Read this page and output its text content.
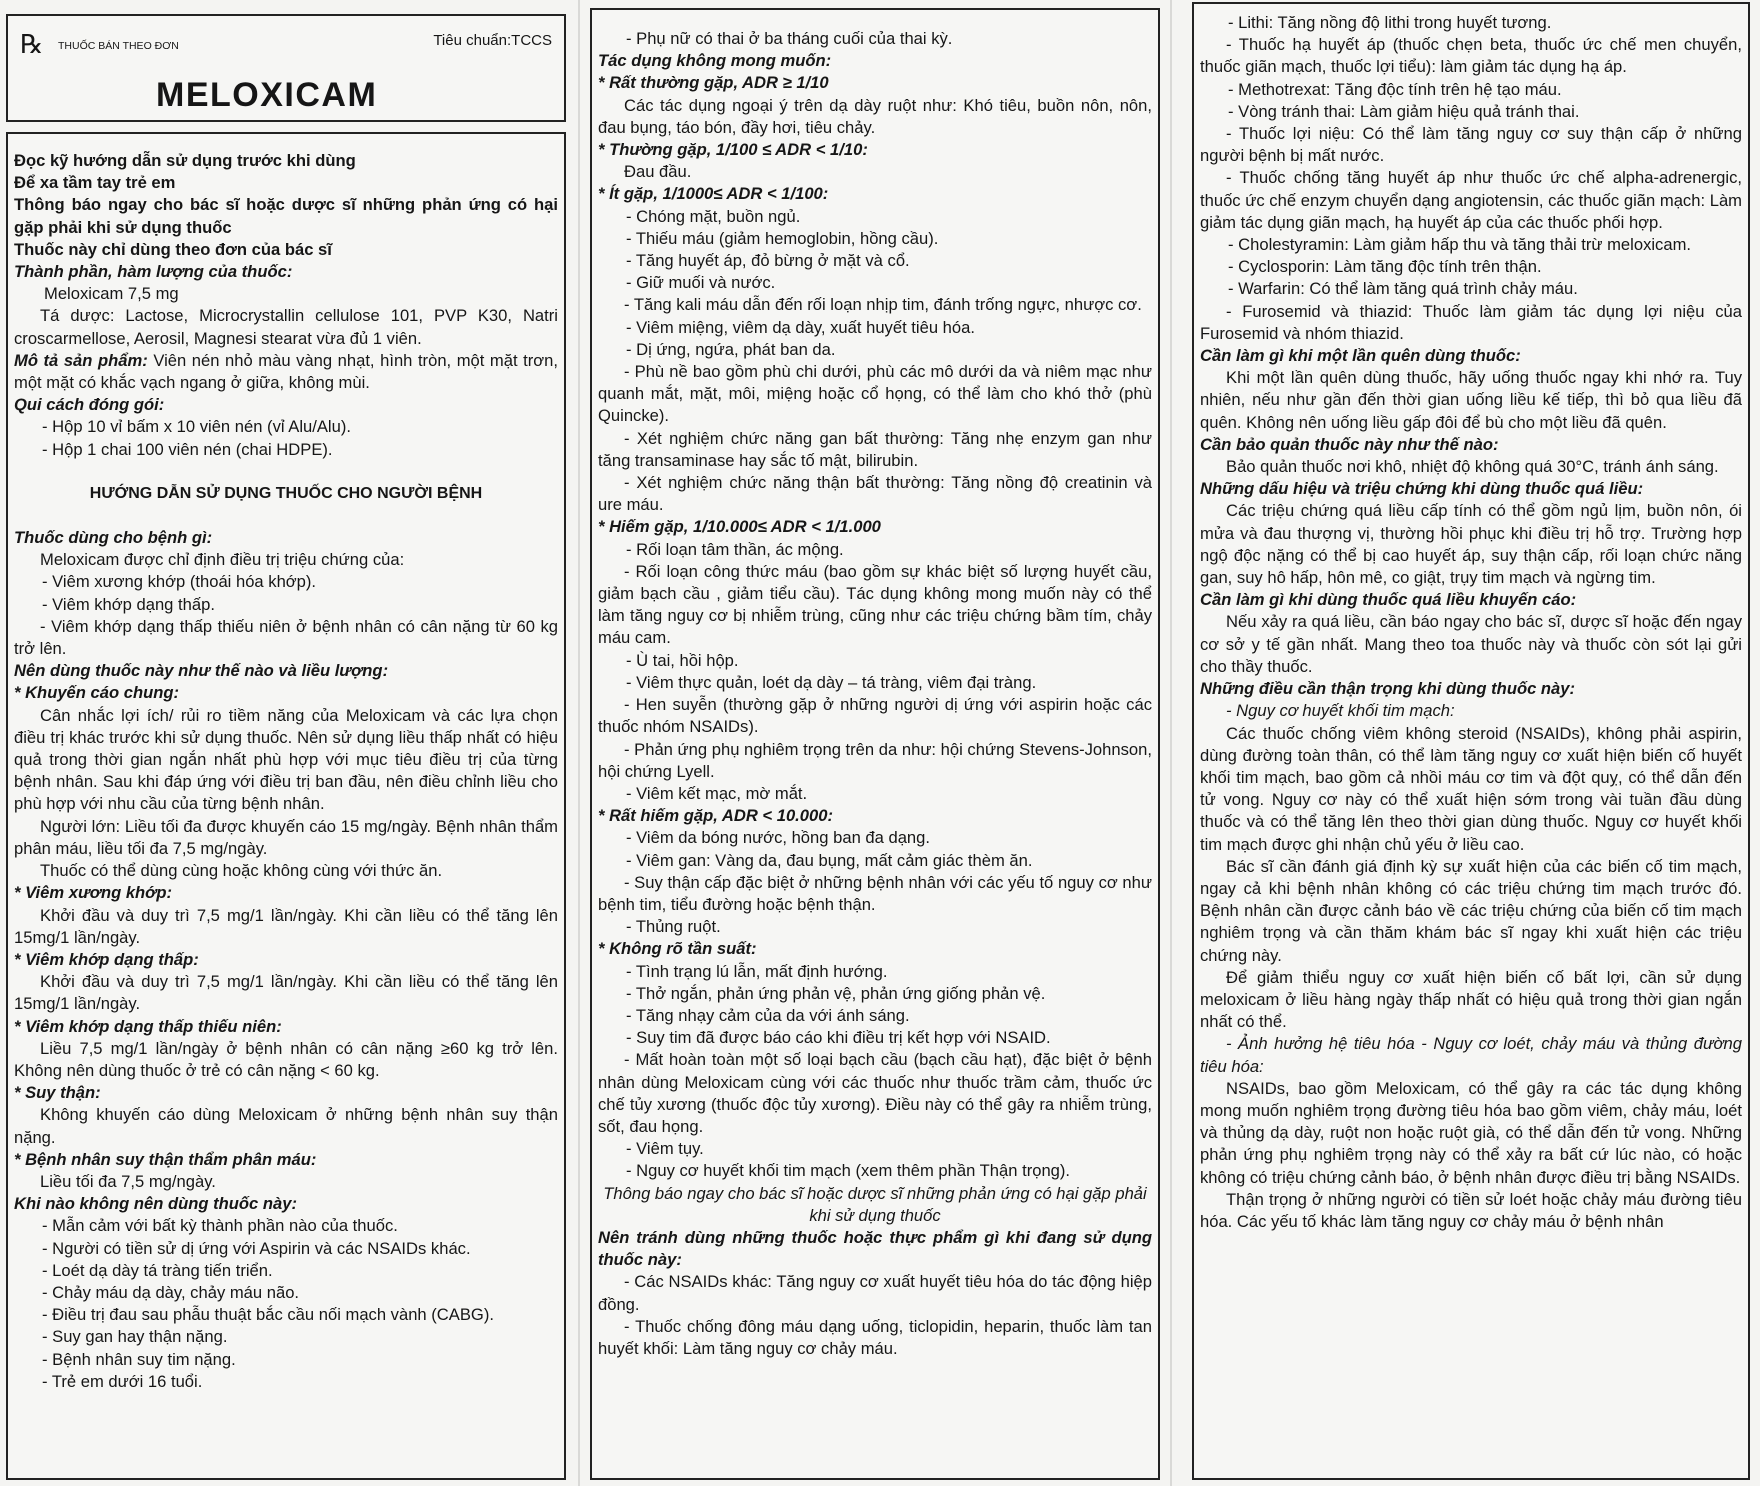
℞ THUỐC BÁN THEO ĐƠN	Tiêu chuẩn:TCCS
MELOXICAM

Đọc kỹ hướng dẫn sử dụng trước khi dùng

Để xa tầm tay trẻ em

Thông báo ngay cho bác sĩ hoặc dược sĩ những phản ứng có hại gặp phải khi sử dụng thuốc

Thuốc này chỉ dùng theo đơn của bác sĩ

Thành phần, hàm lượng của thuốc:

Meloxicam 7,5 mg

Tá dược: Lactose, Microcrystallin cellulose 101, PVP K30, Natri croscarmellose, Aerosil, Magnesi stearat vừa đủ 1 viên.

Mô tả sản phẩm: Viên nén nhỏ màu vàng nhạt, hình tròn, một mặt trơn, một mặt có khắc vạch ngang ở giữa, không mùi.

Qui cách đóng gói:

- Hộp 10 vỉ bấm x 10 viên nén (vỉ Alu/Alu).

- Hộp 1 chai 100 viên nén (chai HDPE).

HƯỚNG DẪN SỬ DỤNG THUỐC CHO NGƯỜI BỆNH

Thuốc dùng cho bệnh gì:

Meloxicam được chỉ định điều trị triệu chứng của:

- Viêm xương khớp (thoái hóa khớp).

- Viêm khớp dạng thấp.

- Viêm khớp dạng thấp thiếu niên ở bệnh nhân có cân nặng từ 60 kg trở lên.

Nên dùng thuốc này như thế nào và liều lượng:

* Khuyến cáo chung:

Cân nhắc lợi ích/ rủi ro tiềm năng của Meloxicam và các lựa chọn điều trị khác trước khi sử dụng thuốc. Nên sử dụng liều thấp nhất có hiệu quả trong thời gian ngắn nhất phù hợp với mục tiêu điều trị của từng bệnh nhân. Sau khi đáp ứng với điều trị ban đầu, nên điều chỉnh liều cho phù hợp với nhu cầu của từng bệnh nhân.

Người lớn: Liều tối đa được khuyến cáo 15 mg/ngày. Bệnh nhân thẩm phân máu, liều tối đa 7,5 mg/ngày.

Thuốc có thể dùng cùng hoặc không cùng với thức ăn.

* Viêm xương khớp:

Khởi đầu và duy trì 7,5 mg/1 lần/ngày. Khi cần liều có thể tăng lên 15mg/1 lần/ngày.

* Viêm khớp dạng thấp:

Khởi đầu và duy trì 7,5 mg/1 lần/ngày. Khi cần liều có thể tăng lên 15mg/1 lần/ngày.

* Viêm khớp dạng thấp thiếu niên:

Liều 7,5 mg/1 lần/ngày ở bệnh nhân có cân nặng ≥60 kg trở lên. Không nên dùng thuốc ở trẻ có cân nặng < 60 kg.

* Suy thận:

Không khuyến cáo dùng Meloxicam ở những bệnh nhân suy thận nặng.

* Bệnh nhân suy thận thẩm phân máu:

Liều tối đa 7,5 mg/ngày.

Khi nào không nên dùng thuốc này:

- Mẫn cảm với bất kỳ thành phần nào của thuốc.

- Người có tiền sử dị ứng với Aspirin và các NSAIDs khác.

- Loét dạ dày tá tràng tiến triển.

- Chảy máu dạ dày, chảy máu não.

- Điều trị đau sau phẫu thuật bắc cầu nối mạch vành (CABG).

- Suy gan hay thận nặng.

- Bệnh nhân suy tim nặng.

- Trẻ em dưới 16 tuổi.

- Phụ nữ có thai ở ba tháng cuối của thai kỳ.

Tác dụng không mong muốn:

* Rất thường gặp, ADR ≥ 1/10

Các tác dụng ngoại ý trên dạ dày ruột như: Khó tiêu, buồn nôn, nôn, đau bụng, táo bón, đầy hơi, tiêu chảy.

* Thường gặp, 1/100 ≤ ADR < 1/10:

Đau đầu.

* Ít gặp, 1/1000≤ ADR < 1/100:

- Chóng mặt, buồn ngủ.

- Thiếu máu (giảm hemoglobin, hồng cầu).

- Tăng huyết áp, đỏ bừng ở mặt và cổ.

- Giữ muối và nước.

- Tăng kali máu dẫn đến rối loạn nhịp tim, đánh trống ngực, nhược cơ.

- Viêm miệng, viêm dạ dày, xuất huyết tiêu hóa.

- Dị ứng, ngứa, phát ban da.

- Phù nề bao gồm phù chi dưới, phù các mô dưới da và niêm mạc như quanh mắt, mặt, môi, miệng hoặc cổ họng, có thể làm cho khó thở (phù Quincke).

- Xét nghiệm chức năng gan bất thường: Tăng nhẹ enzym gan như tăng transaminase hay sắc tố mật, bilirubin.

- Xét nghiệm chức năng thận bất thường: Tăng nồng độ creatinin và ure máu.

* Hiếm gặp, 1/10.000≤ ADR < 1/1.000

- Rối loạn tâm thần, ác mộng.

- Rối loạn công thức máu (bao gồm sự khác biệt số lượng huyết cầu, giảm bạch cầu , giảm tiểu cầu). Tác dụng không mong muốn này có thể làm tăng nguy cơ bị nhiễm trùng, cũng như các triệu chứng bầm tím, chảy máu cam.

- Ù tai, hồi hộp.

- Viêm thực quản, loét dạ dày – tá tràng, viêm đại tràng.

- Hen suyễn (thường gặp ở những người dị ứng với aspirin hoặc các thuốc nhóm NSAIDs).

- Phản ứng phụ nghiêm trọng trên da như: hội chứng Stevens-Johnson, hội chứng Lyell.

- Viêm kết mạc, mờ mắt.

* Rất hiếm gặp, ADR < 10.000:

- Viêm da bóng nước, hồng ban đa dạng.

- Viêm gan: Vàng da, đau bụng, mất cảm giác thèm ăn.

- Suy thận cấp đặc biệt ở những bệnh nhân với các yếu tố nguy cơ như bệnh tim, tiểu đường hoặc bệnh thận.

- Thủng ruột.

* Không rõ tần suất:

- Tình trạng lú lẫn, mất định hướng.

- Thở ngắn, phản ứng phản vệ, phản ứng giống phản vệ.

- Tăng nhạy cảm của da với ánh sáng.

- Suy tim đã được báo cáo khi điều trị kết hợp với NSAID.

- Mất hoàn toàn một số loại bạch cầu (bạch cầu hạt), đặc biệt ở bệnh nhân dùng Meloxicam cùng với các thuốc như thuốc trầm cảm, thuốc ức chế tủy xương (thuốc độc tủy xương). Điều này có thể gây ra nhiễm trùng, sốt, đau họng.

- Viêm tụy.

- Nguy cơ huyết khối tim mạch (xem thêm phần Thận trọng).

Thông báo ngay cho bác sĩ hoặc dược sĩ những phản ứng có hại gặp phải khi sử dụng thuốc

Nên tránh dùng những thuốc hoặc thực phẩm gì khi đang sử dụng thuốc này:

- Các NSAIDs khác: Tăng nguy cơ xuất huyết tiêu hóa do tác động hiệp đồng.

- Thuốc chống đông máu dạng uống, ticlopidin, heparin, thuốc làm tan huyết khối: Làm tăng nguy cơ chảy máu.

- Lithi: Tăng nồng độ lithi trong huyết tương.

- Thuốc hạ huyết áp (thuốc chẹn beta, thuốc ức chế men chuyển, thuốc giãn mạch, thuốc lợi tiểu): làm giảm tác dụng hạ áp.

- Methotrexat: Tăng độc tính trên hệ tạo máu.

- Vòng tránh thai: Làm giảm hiệu quả tránh thai.

- Thuốc lợi niệu: Có thể làm tăng nguy cơ suy thận cấp ở những người bệnh bị mất nước.

- Thuốc chống tăng huyết áp như thuốc ức chế alpha-adrenergic, thuốc ức chế enzym chuyển dạng angiotensin, các thuốc giãn mạch: Làm giảm tác dụng giãn mạch, hạ huyết áp của các thuốc phối hợp.

- Cholestyramin: Làm giảm hấp thu và tăng thải trừ meloxicam.

- Cyclosporin: Làm tăng độc tính trên thận.

- Warfarin: Có thể làm tăng quá trình chảy máu.

- Furosemid và thiazid: Thuốc làm giảm tác dụng lợi niệu của Furosemid và nhóm thiazid.

Cần làm gì khi một lần quên dùng thuốc:

Khi một lần quên dùng thuốc, hãy uống thuốc ngay khi nhớ ra. Tuy nhiên, nếu như gần đến thời gian uống liều kế tiếp, thì bỏ qua liều đã quên. Không nên uống liều gấp đôi để bù cho một liều đã quên.

Cần bảo quản thuốc này như thế nào:

Bảo quản thuốc nơi khô, nhiệt độ không quá 30°C, tránh ánh sáng.

Những dấu hiệu và triệu chứng khi dùng thuốc quá liều:

Các triệu chứng quá liều cấp tính có thể gồm ngủ lịm, buồn nôn, ói mửa và đau thượng vị, thường hồi phục khi điều trị hỗ trợ. Trường hợp ngộ độc nặng có thể bị cao huyết áp, suy thận cấp, rối loạn chức năng gan, suy hô hấp, hôn mê, co giật, trụy tim mạch và ngừng tim.

Cần làm gì khi dùng thuốc quá liều khuyến cáo:

Nếu xảy ra quá liều, cần báo ngay cho bác sĩ, dược sĩ hoặc đến ngay cơ sở y tế gần nhất. Mang theo toa thuốc này và thuốc còn sót lại gửi cho thầy thuốc.

Những điều cần thận trọng khi dùng thuốc này:

- Nguy cơ huyết khối tim mạch:

Các thuốc chống viêm không steroid (NSAIDs), không phải aspirin, dùng đường toàn thân, có thể làm tăng nguy cơ xuất hiện biến cố huyết khối tim mạch, bao gồm cả nhồi máu cơ tim và đột quỵ, có thể dẫn đến tử vong. Nguy cơ này có thể xuất hiện sớm trong vài tuần đầu dùng thuốc và có thể tăng lên theo thời gian dùng thuốc. Nguy cơ huyết khối tim mạch được ghi nhận chủ yếu ở liều cao.

Bác sĩ cần đánh giá định kỳ sự xuất hiện của các biến cố tim mạch, ngay cả khi bệnh nhân không có các triệu chứng tim mạch trước đó. Bệnh nhân cần được cảnh báo về các triệu chứng của biến cố tim mạch nghiêm trọng và cần thăm khám bác sĩ ngay khi xuất hiện các triệu chứng này.

Để giảm thiểu nguy cơ xuất hiện biến cố bất lợi, cần sử dụng meloxicam ở liều hàng ngày thấp nhất có hiệu quả trong thời gian ngắn nhất có thể.

- Ảnh hưởng hệ tiêu hóa - Nguy cơ loét, chảy máu và thủng đường tiêu hóa:

NSAIDs, bao gồm Meloxicam, có thể gây ra các tác dụng không mong muốn nghiêm trọng đường tiêu hóa bao gồm viêm, chảy máu, loét và thủng dạ dày, ruột non hoặc ruột già, có thể dẫn đến tử vong. Những phản ứng phụ nghiêm trọng này có thể xảy ra bất cứ lúc nào, có hoặc không có triệu chứng cảnh báo, ở bệnh nhân được điều trị bằng NSAIDs.

Thận trọng ở những người có tiền sử loét hoặc chảy máu đường tiêu hóa. Các yếu tố khác làm tăng nguy cơ chảy máu ở bệnh nhân
